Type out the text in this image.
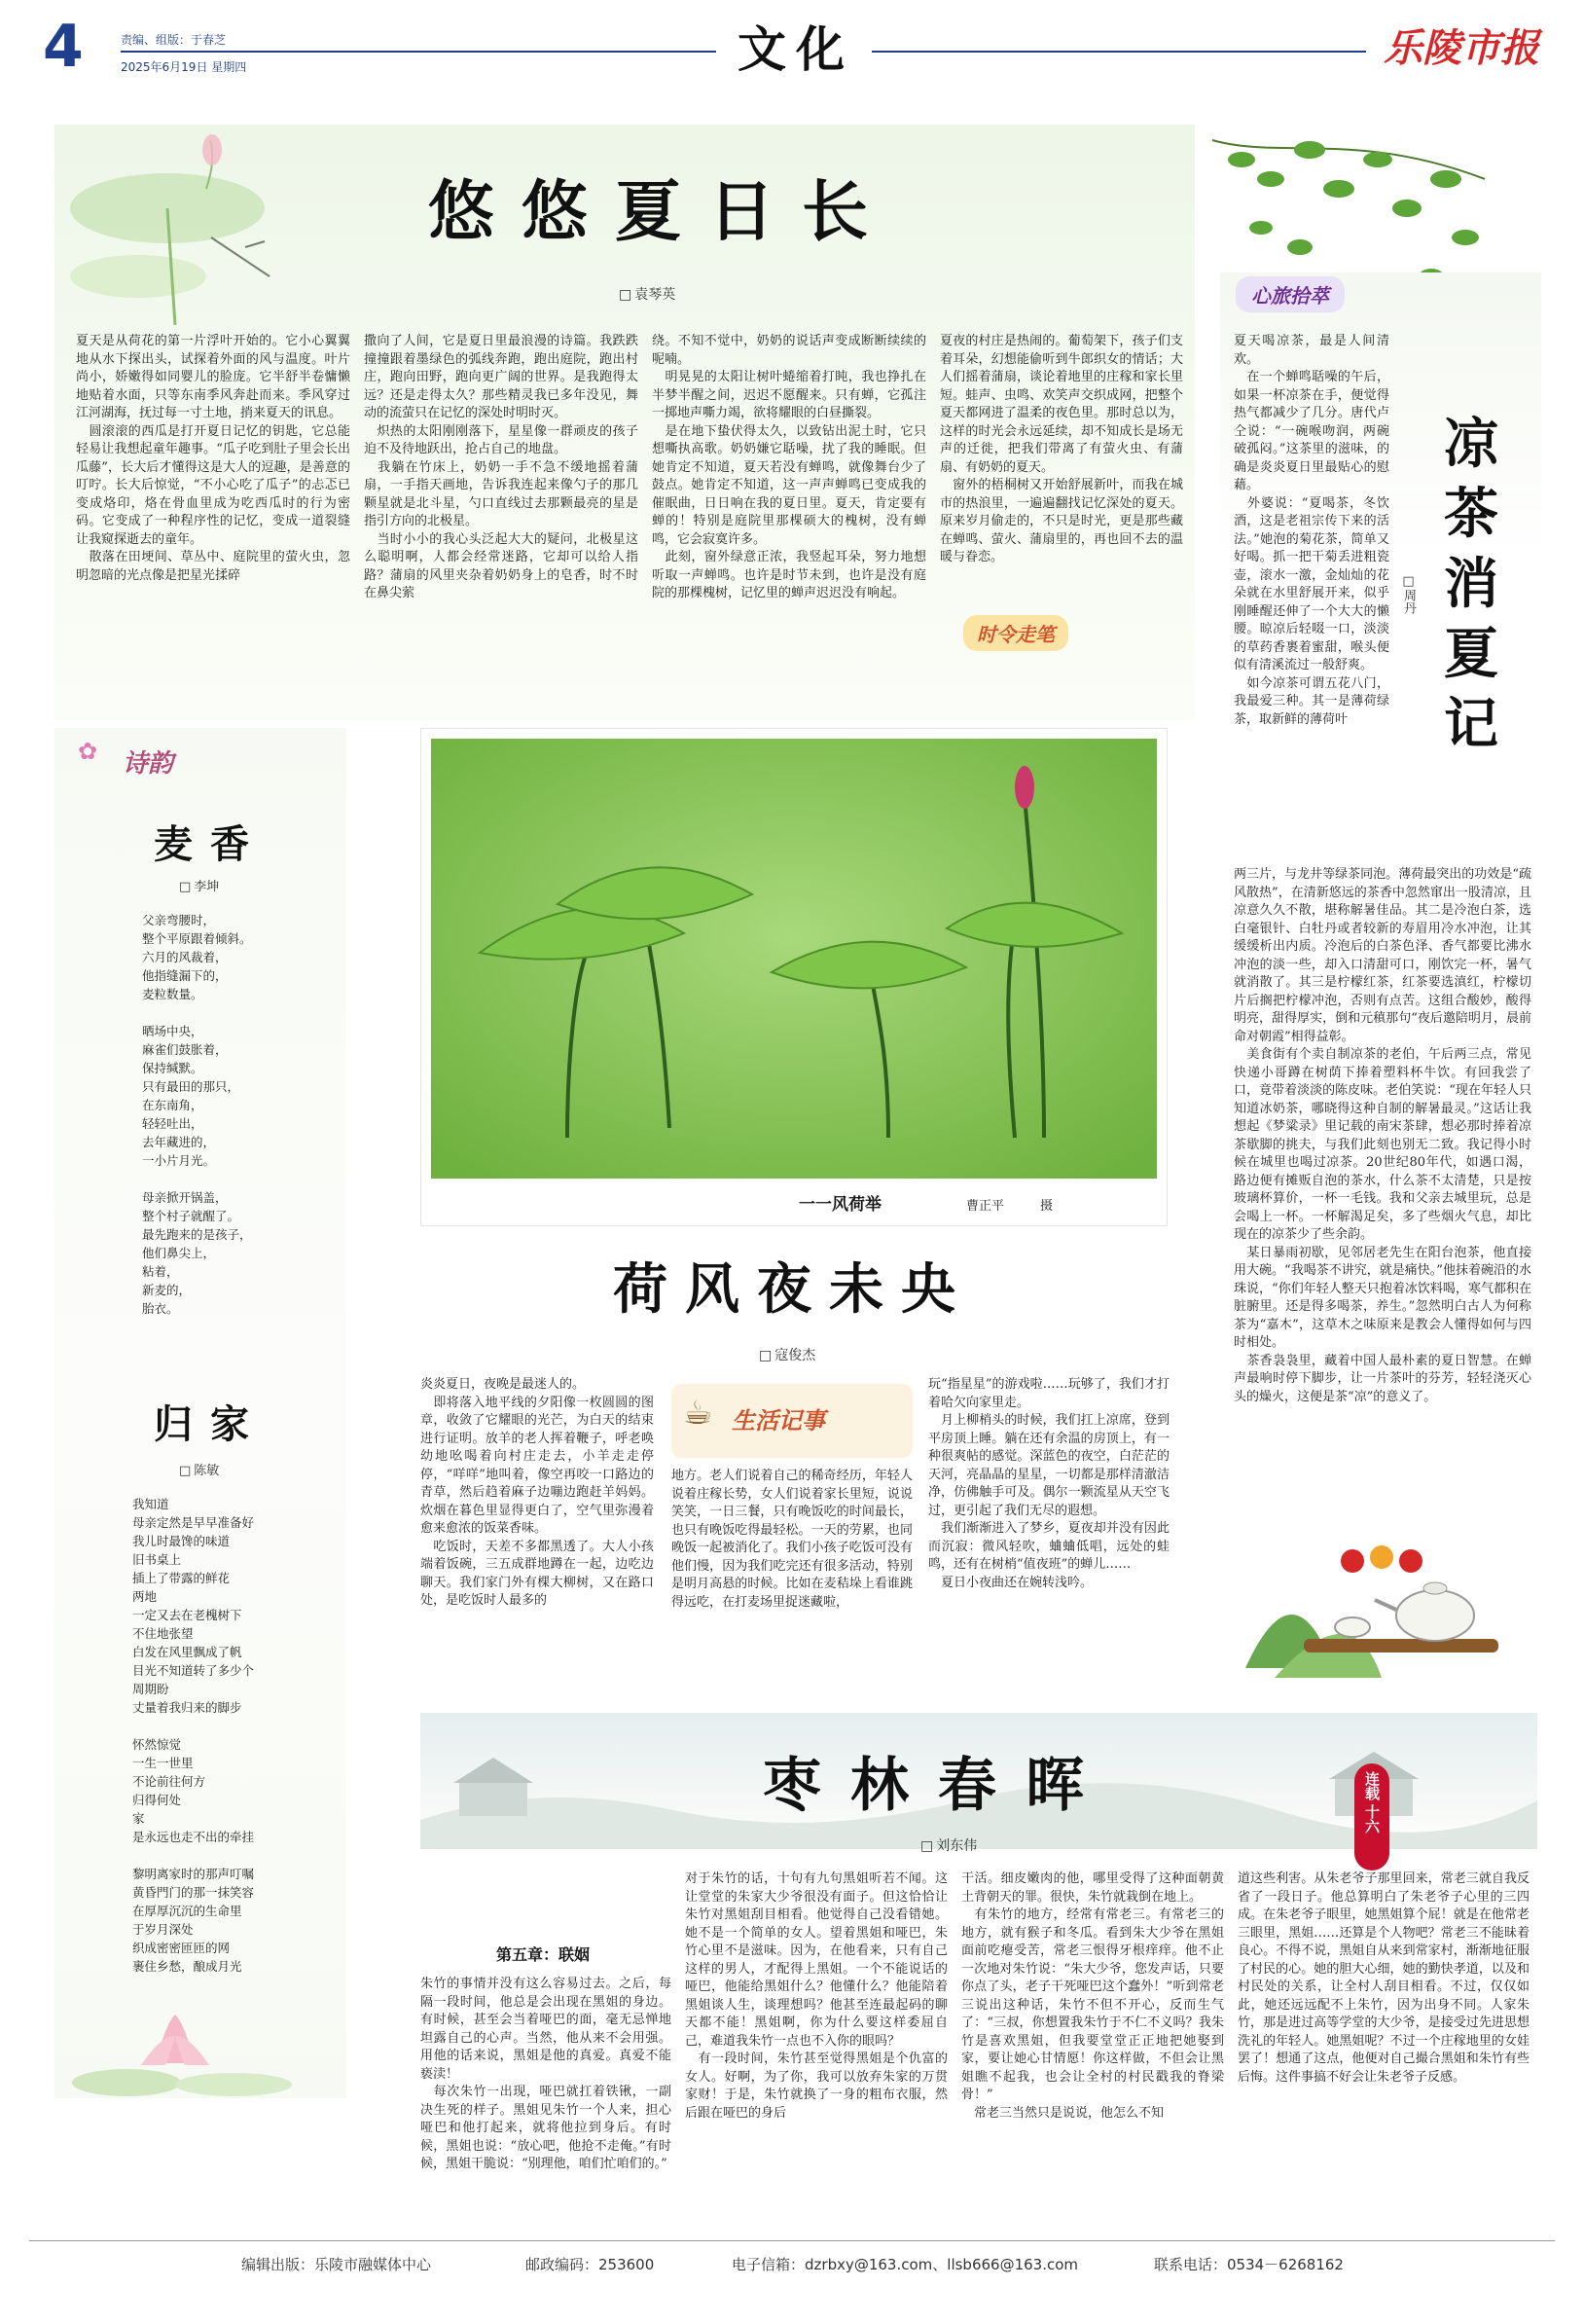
4	责编、组版：于春芝
2025年6月19日 星期四	文化	乐陵市报
悠悠夏日长
□ 袁琴英
夏天是从荷花的第一片浮叶开始的。它小心翼翼地从水下探出头，试探着外面的风与温度。叶片尚小，娇嫩得如同婴儿的脸庞。它半舒半卷慵懒地贴着水面，只等东南季风奔赴而来。季风穿过江河湖海，抚过每一寸土地，捎来夏天的讯息。
　圆滚滚的西瓜是打开夏日记忆的钥匙，它总能轻易让我想起童年趣事。“瓜子吃到肚子里会长出瓜藤”，长大后才懂得这是大人的逗趣，是善意的叮咛。长大后惊觉，“不小心吃了瓜子”的忐忑已变成烙印，烙在骨血里成为吃西瓜时的行为密码。它变成了一种程序性的记忆，变成一道裂缝让我窥探逝去的童年。
　散落在田埂间、草丛中、庭院里的萤火虫，忽明忽暗的光点像是把星光揉碎
撒向了人间，它是夏日里最浪漫的诗篇。我跌跌撞撞跟着墨绿色的弧线奔跑，跑出庭院，跑出村庄，跑向田野，跑向更广阔的世界。是我跑得太远？还是走得太久？那些精灵我已多年没见，舞动的流萤只在记忆的深处时明时灭。
　炽热的太阳刚刚落下，星星像一群顽皮的孩子迫不及待地跃出，抢占自己的地盘。
　我躺在竹床上，奶奶一手不急不缓地摇着蒲扇，一手指天画地，告诉我连起来像勺子的那几颗星就是北斗星，勺口直线过去那颗最亮的星是指引方向的北极星。
　当时小小的我心头泛起大大的疑问，北极星这么聪明啊，人都会经常迷路，它却可以给人指路？蒲扇的风里夹杂着奶奶身上的皂香，时不时在鼻尖萦
绕。不知不觉中，奶奶的说话声变成断断续续的呢喃。
　明晃晃的太阳让树叶蜷缩着打盹，我也挣扎在半梦半醒之间，迟迟不愿醒来。只有蝉，它孤注一掷地声嘶力竭，欲将耀眼的白昼撕裂。
　是在地下蛰伏得太久，以致钻出泥土时，它只想嘶执高歌。奶奶嫌它聒噪，扰了我的睡眠。但她肯定不知道，夏天若没有蝉鸣，就像舞台少了鼓点。她肯定不知道，这一声声蝉鸣已变成我的催眠曲，日日响在我的夏日里。夏天，肯定要有蝉的！特别是庭院里那棵硕大的槐树，没有蝉鸣，它会寂寞许多。
　此刻，窗外绿意正浓，我竖起耳朵，努力地想听取一声蝉鸣。也许是时节未到，也许是没有庭院的那棵槐树，记忆里的蝉声迟迟没有响起。
夏夜的村庄是热闹的。葡萄架下，孩子们支着耳朵，幻想能偷听到牛郎织女的情话；大人们摇着蒲扇，谈论着地里的庄稼和家长里短。蛙声、虫鸣、欢笑声交织成网，把整个夏天都网进了温柔的夜色里。那时总以为，这样的时光会永远延续，却不知成长是场无声的迁徙，把我们带离了有萤火虫、有蒲扇、有奶奶的夏天。
　窗外的梧桐树又开始舒展新叶，而我在城市的热浪里，一遍遍翻找记忆深处的夏天。原来岁月偷走的，不只是时光，更是那些藏在蝉鸣、萤火、蒲扇里的，再也回不去的温暖与眷恋。
时令走笔
一一风荷举	曹正平	摄
心旅拾萃
夏天喝凉茶，最是人间清欢。
　在一个蝉鸣聒噪的午后，如果一杯凉茶在手，便觉得热气都减少了几分。唐代卢仝说：“一碗喉吻润，两碗破孤闷。”这茶里的滋味，的确是炎炎夏日里最贴心的慰藉。
　外婆说：“夏喝茶，冬饮酒，这是老祖宗传下来的活法。”她泡的菊花茶，简单又好喝。抓一把干菊丢进粗瓷壶，滚水一激，金灿灿的花朵就在水里舒展开来，似乎刚睡醒还伸了一个大大的懒腰。晾凉后轻啜一口，淡淡的草药香裹着蜜甜，喉头便似有清溪流过一般舒爽。
　如今凉茶可谓五花八门，我最爱三种。其一是薄荷绿茶，取新鲜的薄荷叶
凉
茶
消
夏
记
□ 周丹
两三片，与龙井等绿茶同泡。薄荷最突出的功效是“疏风散热”，在清新悠远的茶香中忽然窜出一股清凉，且凉意久久不散，堪称解暑佳品。其二是冷泡白茶，选白毫银针、白牡丹或者较新的寿眉用冷水冲泡，让其缓缓析出内质。冷泡后的白茶色泽、香气都要比沸水冲泡的淡一些，却入口清甜可口，刚饮完一杯，暑气就消散了。其三是柠檬红茶，红茶要选滇红，柠檬切片后搁把柠檬冲泡，否则有点苦。这组合酸妙，酸得明亮，甜得厚实，倒和元稹那句“夜后邀陪明月，晨前命对朝霞”相得益彰。
　美食街有个卖自制凉茶的老伯，午后两三点，常见快递小哥蹲在树荫下捧着塑料杯牛饮。有回我尝了口，竟带着淡淡的陈皮味。老伯笑说：“现在年轻人只知道冰奶茶，哪晓得这种自制的解暑最灵。”这话让我想起《梦粱录》里记载的南宋茶肆，想必那时捧着凉茶歇脚的挑夫，与我们此刻也别无二致。我记得小时候在城里也喝过凉茶。20世纪80年代，如遇口渴，路边便有摊贩自泡的茶水，什么茶不太清楚，只是按玻璃杯算价，一杯一毛钱。我和父亲去城里玩，总是会喝上一杯。一杯解渴足矣，多了些烟火气息，却比现在的凉茶少了些余韵。
　某日暴雨初歇，见邻居老先生在阳台泡茶，他直接用大碗。“我喝茶不讲究，就是痛快。”他抹着碗沿的水珠说，“你们年轻人整天只抱着冰饮料喝，寒气都积在脏腑里。还是得多喝茶，养生。”忽然明白古人为何称茶为“嘉木”，这草木之味原来是教会人懂得如何与四时相处。
　茶香袅袅里，藏着中国人最朴素的夏日智慧。在蝉声最响时停下脚步，让一片茶叶的芬芳，轻轻浇灭心头的燥火，这便是茶“凉”的意义了。
诗韵
✿
麦香
□ 李坤
父亲弯腰时，
整个平原跟着倾斜。
六月的风裁着，
他指缝漏下的，
麦粒数量。

晒场中央，
麻雀们鼓胀着，
保持缄默。
只有最田的那只，
在东南角，
轻轻吐出，
去年藏进的，
一小片月光。

母亲掀开锅盖，
整个村子就醒了。
最先跑来的是孩子，
他们鼻尖上，
粘着，
新麦的，
胎衣。
归家
□ 陈敏
我知道
母亲定然是早早准备好
我儿时最馋的味道
旧书桌上
插上了带露的鲜花
两地
一定又去在老槐树下
不住地张望
白发在风里飘成了帆
目光不知道转了多少个
周期盼
丈量着我归来的脚步

怀然惊觉
一生一世里
不论前往何方
归得何处
家
是永远也走不出的牵挂

黎明离家时的那声叮嘱
黄昏門门的那一抹笑容
在厚厚沉沉的生命里
于岁月深处
织成密密匝匝的网
裹住乡愁，酿成月光
荷风夜未央
□ 寇俊杰
炎炎夏日，夜晚是最迷人的。
　即将落入地平线的夕阳像一枚圆圆的图章，收敛了它耀眼的光芒，为白天的结束进行证明。放羊的老人挥着鞭子，呼老唤幼地吆喝着向村庄走去，小羊走走停停，“咩咩”地叫着，像空再咬一口路边的青草，然后趋着麻子边嘣边跑赶羊妈妈。炊烟在暮色里显得更白了，空气里弥漫着愈来愈浓的饭菜香味。
　吃饭时，天差不多都黑透了。大人小孩端着饭碗，三五成群地蹲在一起，边吃边聊天。我们家门外有棵大柳树，又在路口处，是吃饭时人最多的
☕ 生活记事
地方。老人们说着自己的稀奇经历，年轻人说着庄稼长势，女人们说着家长里短，说说笑笑，一日三餐，只有晚饭吃的时间最长，也只有晚饭吃得最轻松。一天的劳累，也同晚饭一起被消化了。我们小孩子吃饭可没有他们慢，因为我们吃完还有很多活动，特别是明月高悬的时候。比如在麦秸垛上看谁跳得远吃，在打麦场里捉迷藏啦，
玩“指星星”的游戏啦……玩够了，我们才打着哈欠向家里走。
　月上柳梢头的时候，我们扛上凉席，登到平房顶上睡。躺在还有余温的房顶上，有一种很爽帖的感觉。深蓝色的夜空，白茫茫的天河，亮晶晶的星星，一切都是那样清澈洁净，仿佛触手可及。偶尔一颗流星从天空飞过，更引起了我们无尽的遐想。
　我们渐渐进入了梦乡，夏夜却并没有因此而沉寂：微风轻吹，蛐蛐低唱，远处的蛙鸣，还有在树梢“值夜班”的蝉儿……
　夏日小夜曲还在婉转浅吟。
枣林春晖
□ 刘东伟
连载
十六
第五章：联姻
朱竹的事情并没有这么容易过去。之后，每隔一段时间，他总是会出现在黑姐的身边。有时候，甚至会当着哑巴的面，毫无忌惮地坦露自己的心声。当然，他从来不会用强。用他的话来说，黑姐是他的真爱。真爱不能亵渎！
　每次朱竹一出现，哑巴就扛着铁锹，一副决生死的样子。黑姐见朱竹一个人来，担心哑巴和他打起来，就将他拉到身后。有时候，黑姐也说：“放心吧，他抢不走俺。”有时候，黑姐干脆说：“别理他，咱们忙咱们的。”
对于朱竹的话，十句有九句黑姐听若不闻。这让堂堂的朱家大少爷很没有面子。但这恰恰让朱竹对黑姐刮目相看。他觉得自己没看错她。她不是一个简单的女人。望着黑姐和哑巴，朱竹心里不是滋味。因为，在他看来，只有自己这样的男人，才配得上黑姐。一个不能说话的哑巴，他能给黑姐什么？他懂什么？他能陪着黑姐谈人生，谈理想吗？他甚至连最起码的聊天都不能！黑姐啊，你为什么要这样委屈自己，难道我朱竹一点也不入你的眼吗？
　有一段时间，朱竹甚至觉得黑姐是个仇富的女人。好啊，为了你，我可以放弃朱家的万贯家财！于是，朱竹就换了一身的粗布衣服，然后跟在哑巴的身后
干活。细皮嫩肉的他，哪里受得了这种面朝黄土背朝天的罪。很快，朱竹就栽倒在地上。
　有朱竹的地方，经常有常老三。有常老三的地方，就有猴子和冬瓜。看到朱大少爷在黑姐面前吃瘪受苦，常老三恨得牙根痒痒。他不止一次地对朱竹说：“朱大少爷，您发声话，只要你点了头，老子干死哑巴这个蠢外！”听到常老三说出这种话，朱竹不但不开心，反而生气了：“三叔，你想置我朱竹于不仁不义吗？我朱竹是喜欢黑姐，但我要堂堂正正地把她娶到家，要让她心甘情愿！你这样做，不但会让黑姐瞧不起我，也会让全村的村民戳我的脊梁骨！”
　常老三当然只是说说，他怎么不知
道这些利害。从朱老爷子那里回来，常老三就自我反省了一段日子。他总算明白了朱老爷子心里的三四成。在朱老爷子眼里，她黑姐算个屁！就是在他常老三眼里，黑姐……还算是个人物吧？常老三不能昧着良心。不得不说，黑姐自从来到常家村，渐渐地征服了村民的心。她的胆大心细，她的勤快孝道，以及和村民处的关系，让全村人刮目相看。不过，仅仅如此，她还远远配不上朱竹，因为出身不同。人家朱竹，那是进过高等学堂的大少爷，是接受过先进思想洗礼的年轻人。她黑姐呢？不过一个庄稼地里的女娃罢了！想通了这点，他便对自己撮合黑姐和朱竹有些后悔。这件事搞不好会让朱老爷子反感。
编辑出版：乐陵市融媒体中心	邮政编码：253600	电子信箱：dzrbxy@163.com、llsb666@163.com	联系电话：0534－6268162
